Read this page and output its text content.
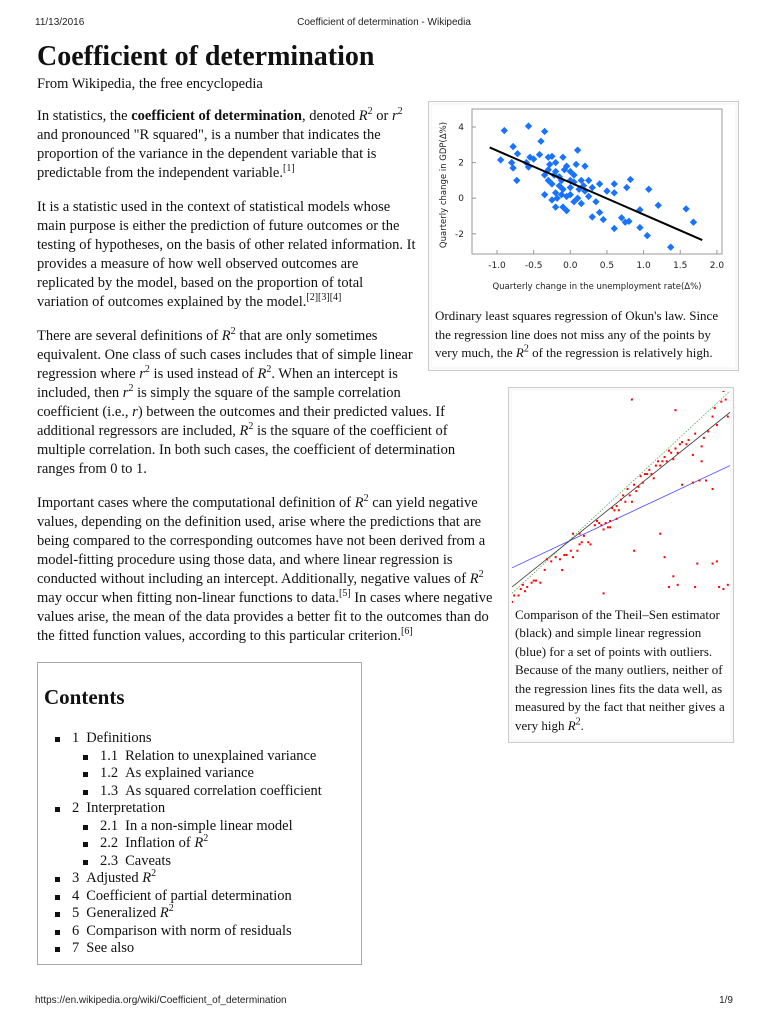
11/13/2016	Coefficient of determination - Wikipedia
Coefficient of determination
From Wikipedia, the free encyclopedia
-1.0 -0.5 0.0 0.5 1.0 1.5 2.0
4
2
0
-2
Quarterly change in the unemployment rate(Δ%)
Quarterly change in GDP(Δ%)
Ordinary least squares regression of Okun's law. Since the regression line does not miss any of the points by very much, the $R^2$ of the regression is relatively high.

In statistics, the coefficient of determination, denoted $R^2$ or $r^2$ and pronounced "R squared", is a number that indicates the proportion of the variance in the dependent variable that is predictable from the independent variable.[1]

It is a statistic used in the context of statistical models whose main purpose is either the prediction of future outcomes or the testing of hypotheses, on the basis of other related information. It provides a measure of how well observed outcomes are replicated by the model, based on the proportion of total variation of outcomes explained by the model.[2][3][4]

Comparison of the Theil–Sen estimator (black) and simple linear regression (blue) for a set of points with outliers. Because of the many outliers, neither of the regression lines fits the data well, as measured by the fact that neither gives a very high $R^2$.

There are several definitions of $R^2$ that are only sometimes equivalent. One class of such cases includes that of simple linear regression where $r^2$ is used instead of $R^2$. When an intercept is included, then $r^2$ is simply the square of the sample correlation coefficient (i.e., r) between the outcomes and their predicted values. If additional regressors are included, $R^2$ is the square of the coefficient of multiple correlation. In both such cases, the coefficient of determination ranges from 0 to 1.

Important cases where the computational definition of $R^2$ can yield negative values, depending on the definition used, arise where the predictions that are being compared to the corresponding outcomes have not been derived from a model-fitting procedure using those data, and where linear regression is conducted without including an intercept. Additionally, negative values of $R^2$ may occur when fitting non-linear functions to data.[5] In cases where negative values arise, the mean of the data provides a better fit to the outcomes than do the fitted function values, according to this particular criterion.[6]

Contents
1 Definitions
1.1 Relation to unexplained variance
1.2 As explained variance
1.3 As squared correlation coefficient
2 Interpretation
2.1 In a non-simple linear model
2.2 Inflation of $R^2$
2.3 Caveats
3 Adjusted $R^2$
4 Coefficient of partial determination
5 Generalized $R^2$
6 Comparison with norm of residuals
7 See also
https://en.wikipedia.org/wiki/Coefficient_of_determination	1/9
